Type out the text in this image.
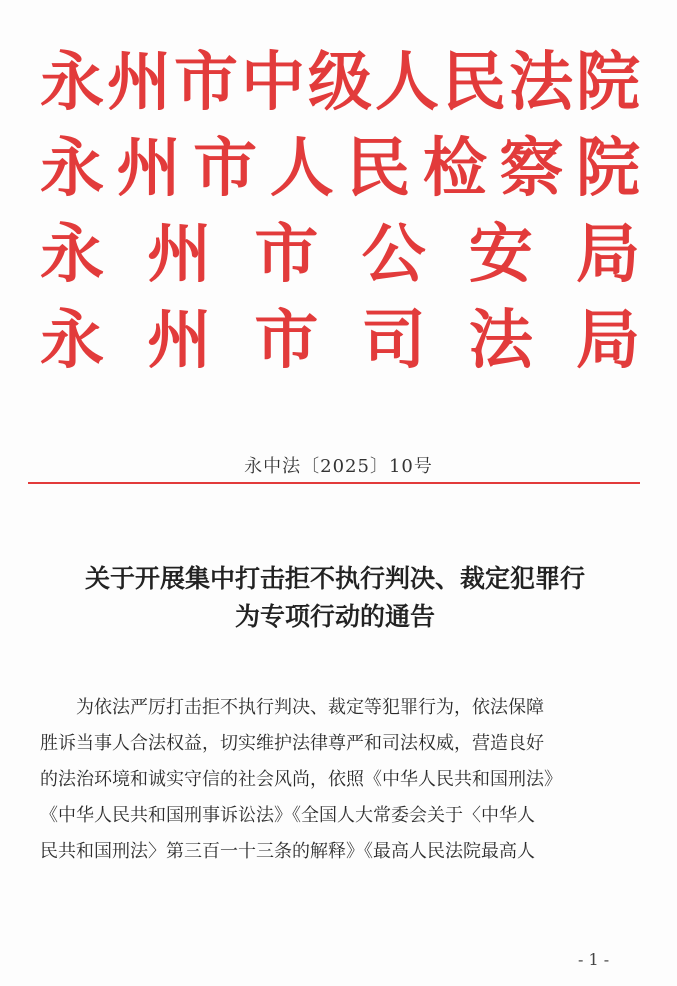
永 州 市 中 级 人 民 法 院
永 州 市 人 民 检 察 院
永 州 市 公 安 局
永 州 市 司 法 局
永中法〔2025〕10号
关于开展集中打击拒不执行判决、裁定犯罪行
为专项行动的通告
为依法严厉打击拒不执行判决、裁定等犯罪行为，依法保障
胜诉当事人合法权益，切实维护法律尊严和司法权威，营造良好
的法治环境和诚实守信的社会风尚，依照《中华人民共和国刑法》
《中华人民共和国刑事诉讼法》《全国人大常委会关于〈中华人
民共和国刑法〉第三百一十三条的解释》《最高人民法院最高人
- 1 -
